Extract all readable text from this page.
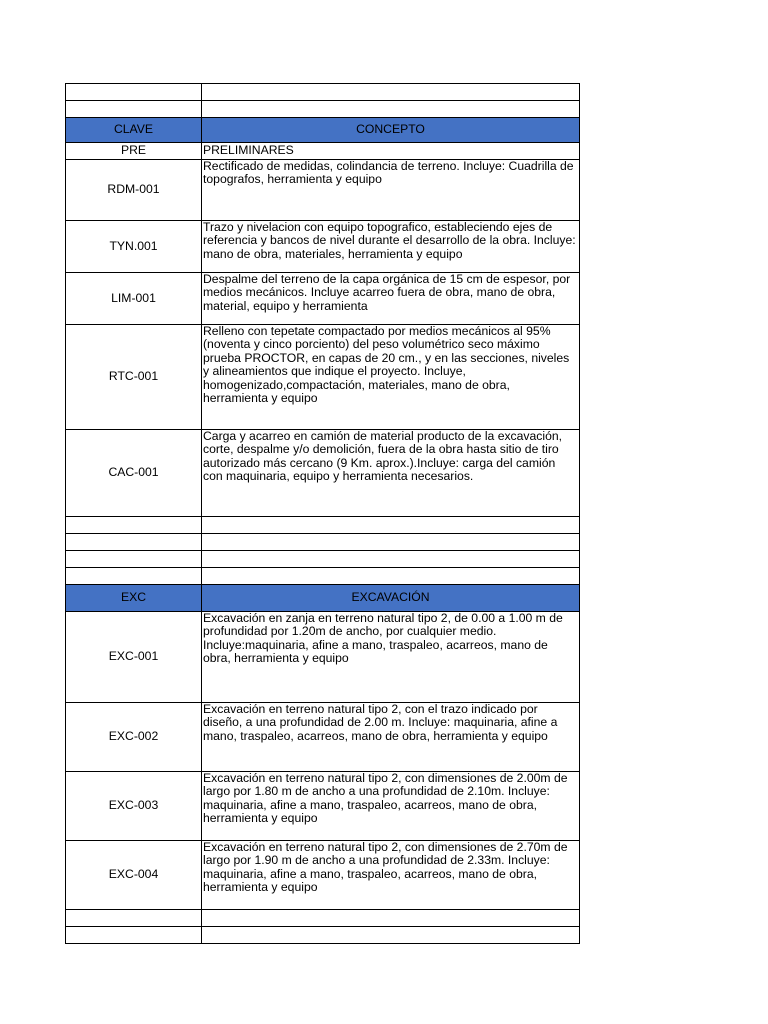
CLAVE	CONCEPTO
PRE	PRELIMINARES
RDM-001	Rectificado de medidas, colindancia de terreno. Incluye: Cuadrilla de topografos, herramienta y equipo
TYN.001	Trazo y nivelacion con equipo topografico, estableciendo ejes de referencia y bancos de nivel durante el desarrollo de la obra. Incluye: mano de obra, materiales, herramienta y equipo
LIM-001	Despalme del terreno de la capa orgánica de 15 cm de espesor, por medios mecánicos. Incluye acarreo fuera de obra, mano de obra, material, equipo y herramienta
RTC-001	Relleno con tepetate compactado por medios mecánicos al 95% (noventa y cinco porciento) del peso volumétrico seco máximo prueba PROCTOR, en capas de 20 cm., y en las secciones, niveles y alineamientos que indique el proyecto. Incluye, homogenizado,compactación, materiales, mano de obra, herramienta y equipo
CAC-001	Carga y acarreo en camión de material producto de la excavación, corte, despalme y/o demolición, fuera de la obra hasta sitio de tiro autorizado más cercano (9 Km. aprox.).Incluye: carga del camión con maquinaria, equipo y herramienta necesarios.

EXC	EXCAVACIÓN
EXC-001	Excavación en zanja en terreno natural tipo 2, de 0.00 a 1.00 m de profundidad por 1.20m de ancho, por cualquier medio. Incluye:maquinaria, afine a mano, traspaleo, acarreos, mano de obra, herramienta y equipo
EXC-002	Excavación en terreno natural tipo 2, con el trazo indicado por diseño, a una profundidad de 2.00 m. Incluye: maquinaria, afine a mano, traspaleo, acarreos, mano de obra, herramienta y equipo
EXC-003	Excavación en terreno natural tipo 2, con dimensiones de 2.00m de largo por 1.80 m de ancho a una profundidad de 2.10m. Incluye: maquinaria, afine a mano, traspaleo, acarreos, mano de obra, herramienta y equipo
EXC-004	Excavación en terreno natural tipo 2, con dimensiones de 2.70m de largo por 1.90 m de ancho a una profundidad de 2.33m. Incluye: maquinaria, afine a mano, traspaleo, acarreos, mano de obra, herramienta y equipo
